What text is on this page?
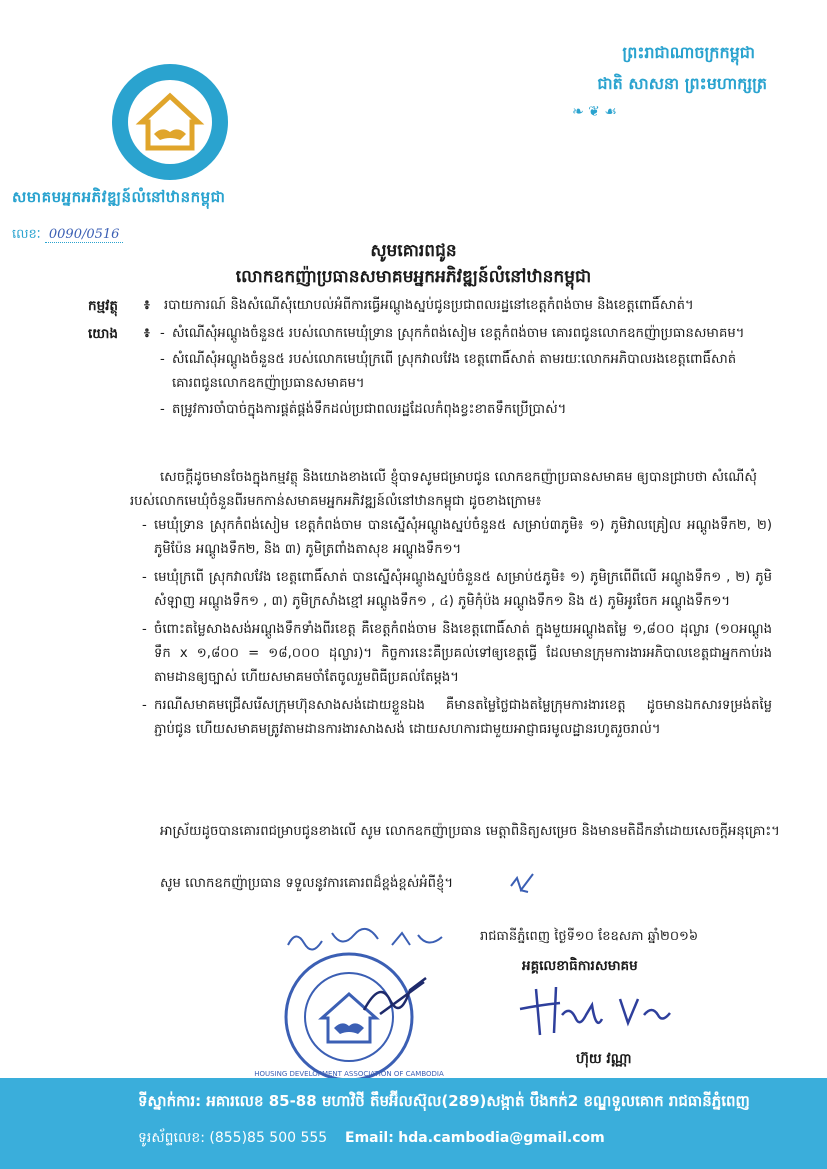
សមាគមអ្នកអភិវឌ្ឍន៍លំនៅឋានកម្ពុជា
លេខៈ 0090/0516
ព្រះរាជាណាចក្រកម្ពុជា
ជាតិ សាសនា ព្រះមហាក្សត្រ
❧ ❦ ☙
សូមគោរពជូន
លោកឧកញ៉ាប្រធានសមាគមអ្នកអភិវឌ្ឍន៍លំនៅឋានកម្ពុជា
កម្មវត្ថុ ៖ របាយការណ៍ និងសំណើសុំយោបល់អំពីការធ្វើអណ្ដូងស្នប់ជូនប្រជាពលរដ្ឋនៅខេត្តកំពង់ចាម និងខេត្តពោធិ៍សាត់។
យោង ៖
-	សំណើសុំអណ្ដូងចំនួន៥ របស់លោកមេឃុំទ្រាន ស្រុកកំពង់សៀម ខេត្តកំពង់ចាម គោរពជូនលោកឧកញ៉ាប្រធានសមាគម។
- សំណើសុំអណ្ដូងចំនួន៥ របស់លោកមេឃុំក្រពើ ស្រុកវាលវែង ខេត្តពោធិ៍សាត់ តាមរយៈលោកអភិបាលរងខេត្តពោធិ៍សាត់ គោរពជូនលោកឧកញ៉ាប្រធានសមាគម។
- តម្រូវការចាំបាច់ក្នុងការផ្គត់ផ្គង់ទឹកដល់ប្រជាពលរដ្ឋដែលកំពុងខ្វះខាតទឹកប្រើប្រាស់។
សេចក្ដីដូចមានចែងក្នុងកម្មវត្ថុ និងយោងខាងលើ ខ្ញុំបាទសូមជម្រាបជូន លោកឧកញ៉ាប្រធានសមាគម ឲ្យបានជ្រាបថា សំណើសុំរបស់លោកមេឃុំចំនួនពីរមកកាន់សមាគមអ្នកអភិវឌ្ឍន៍លំនៅឋានកម្ពុជា ដូចខាងក្រោម៖
- មេឃុំទ្រាន ស្រុកកំពង់សៀម ខេត្តកំពង់ចាម បានស្នើសុំអណ្ដូងស្នប់ចំនួន៥ សម្រាប់៣ភូមិ៖ ១) ភូមិវាលគ្រៀល អណ្ដូងទឹក២, ២) ភូមិប៉ែន អណ្ដូងទឹក២, និង ៣) ភូមិត្រពាំងតាសុខ អណ្ដូងទឹក១។
- មេឃុំក្រពើ ស្រុកវាលវែង ខេត្តពោធិ៍សាត់ បានស្នើសុំអណ្ដូងស្នប់ចំនួន៥ សម្រាប់៥ភូមិ៖ ១) ភូមិក្រពើពីលើ អណ្ដូងទឹក១ , ២) ភូមិសំឡាញ អណ្ដូងទឹក១ , ៣) ភូមិក្រសាំងខ្មៅ អណ្ដូងទឹក១ , ៤) ភូមិកុំប៉ង អណ្ដូងទឹក១ និង ៥) ភូមិអូរចែក អណ្ដូងទឹក១។
- ចំពោះតម្លៃសាងសង់អណ្ដូងទឹកទាំងពីរខេត្ត គឺខេត្តកំពង់ចាម និងខេត្តពោធិ៍សាត់ ក្នុងមួយអណ្ដូងតម្លៃ ១,៨០០ ដុល្លារ (១០អណ្ដូងទឹក x ១,៨០០ = ១៨,០០០ ដុល្លារ)។ កិច្ចការនេះគឺប្រគល់ទៅឲ្យខេត្តធ្វើ ដែលមានក្រុមការងារអភិបាលខេត្តជាអ្នកកាប់រងតាមដានឲ្យច្បាស់ ហើយសមាគមចាំតែចូលរួមពិធីប្រគល់តែម្ដង។
- ករណីសមាគមជ្រើសរើសក្រុមហ៊ុនសាងសង់ដោយខ្លួនឯង គឺមានតម្លៃថ្លៃជាងតម្លៃក្រុមការងារខេត្ត ដូចមានឯកសារទម្រង់តម្លៃភ្ជាប់ជូន ហើយសមាគមត្រូវតាមដានការងារសាងសង់ ដោយសហការជាមួយអាជ្ញាធរមូលដ្ឋានរហូតរួចរាល់។
អាស្រ័យដូចបានគោរពជម្រាបជូនខាងលើ សូម លោកឧកញ៉ាប្រធាន មេត្តាពិនិត្យសម្រេច និងមានមតិដឹកនាំដោយសេចក្ដីអនុគ្រោះ។
សូម លោកឧកញ៉ាប្រធាន ទទួលនូវការគោរពដ៏ខ្ពង់ខ្ពស់អំពីខ្ញុំ។
រាជធានីភ្នំពេញ ថ្ងៃទី១០ ខែឧសភា ឆ្នាំ២០១៦
អគ្គលេខាធិការសមាគម
HOUSING DEVELOPMENT ASSOCIATION OF CAMBODIA
ហ៊ុយ វណ្ណា
ទីស្នាក់ការ: អគារលេខ 85-88 មហាវិថី តឹមអ៊ីលស៊ុល(289)សង្កាត់ បឹងកក់2 ខណ្ឌទួលគោក រាជធានីភ្នំពេញ
ទូរស័ព្ទលេខ: (855)85 500 555 Email: hda.cambodia@gmail.com
